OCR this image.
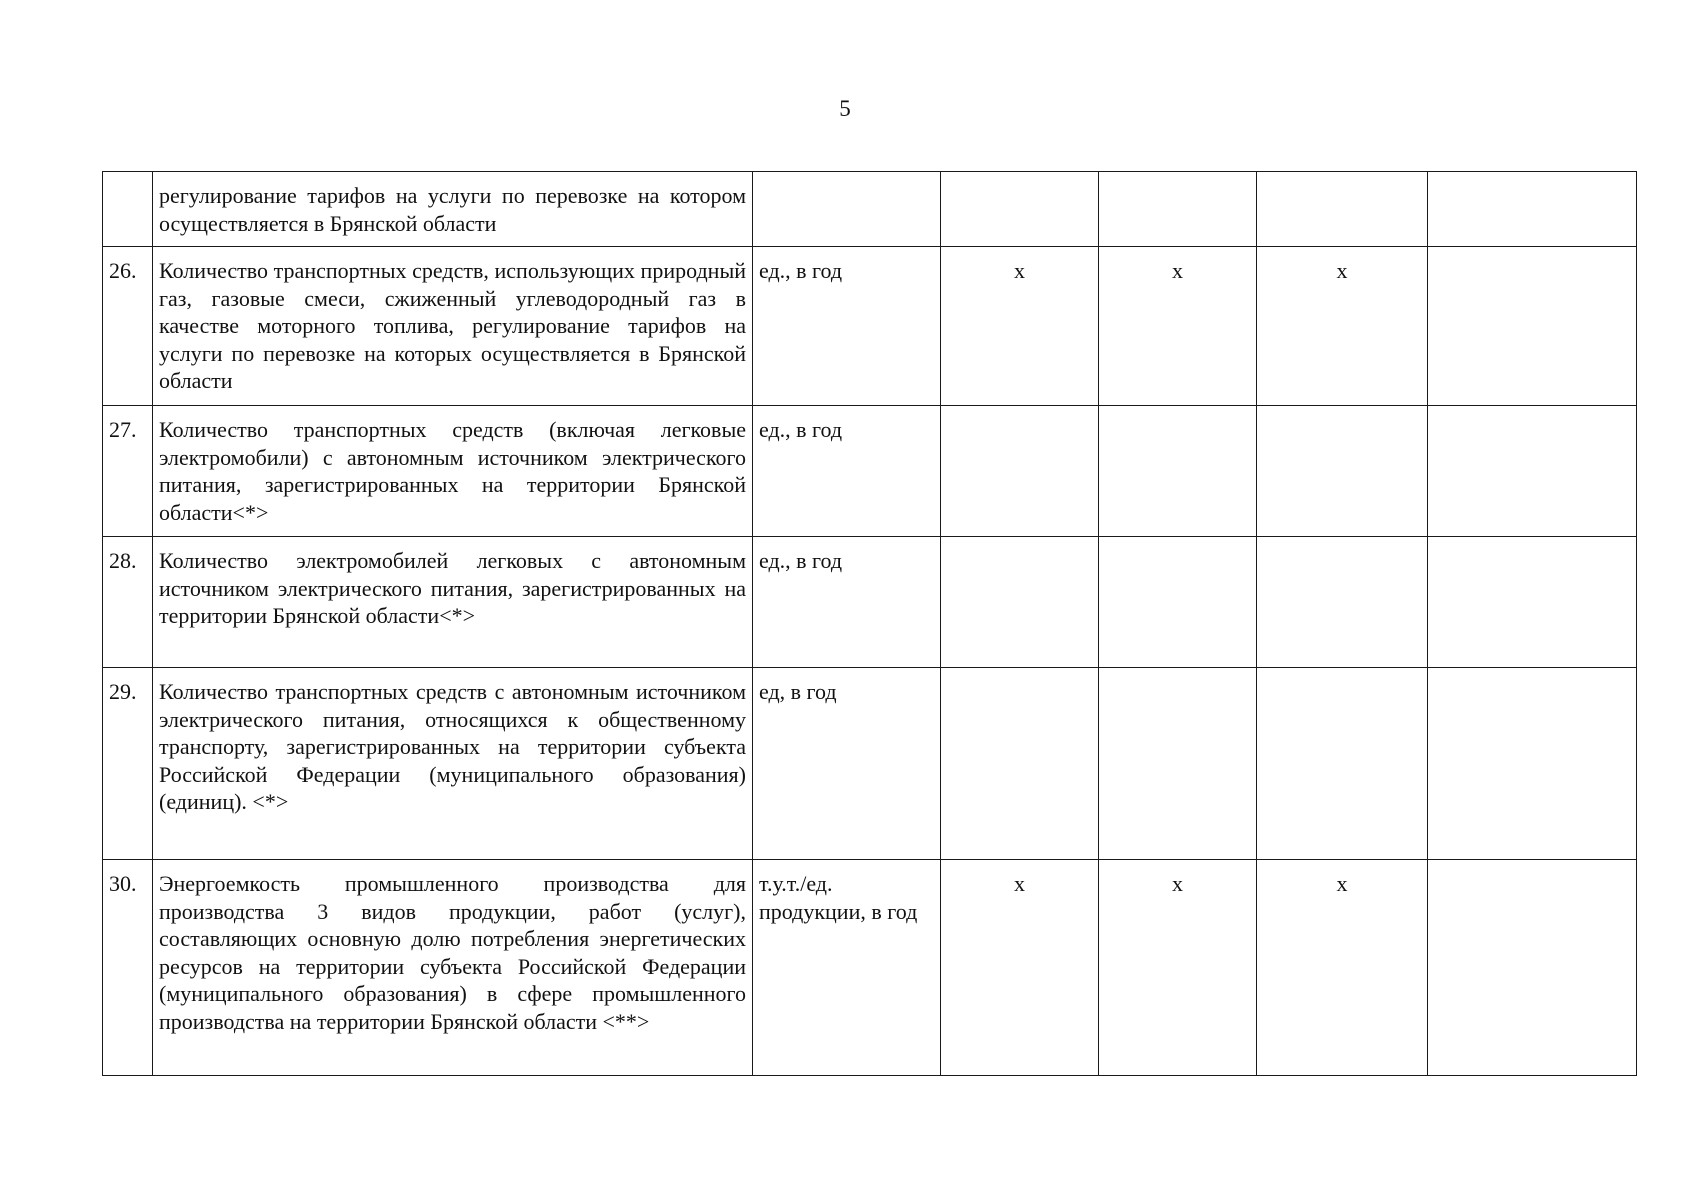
5

	регулирование тарифов на услуги по перевозке на котором осуществляется в Брянской области					

26.	Количество транспортных средств, использующих природный газ, газовые смеси, сжиженный углеводородный газ в качестве моторного топлива, регулирование тарифов на услуги по перевозке на которых осуществляется в Брянской области	ед., в год	x	x	x	

27.	Количество транспортных средств (включая легковые электромобили) с автономным источником электрического питания, зарегистрированных на территории Брянской области<*>	ед., в год				

28.	Количество электромобилей легковых с автономным источником электрического питания, зарегистрированных на территории Брянской области<*>	ед., в год				

29.	Количество транспортных средств с автономным источником электрического питания, относящихся к общественному транспорту, зарегистрированных на территории субъекта Российской Федерации (муниципального образования) (единиц). <*>	ед, в год				

30.	Энергоемкость промышленного производства для производства 3 видов продукции, работ (услуг), составляющих основную долю потребления энергетических ресурсов на территории субъекта Российской Федерации (муниципального образования) в сфере промышленного производства на территории Брянской области <**>	т.у.т./ед. продукции, в год	x	x	x	
